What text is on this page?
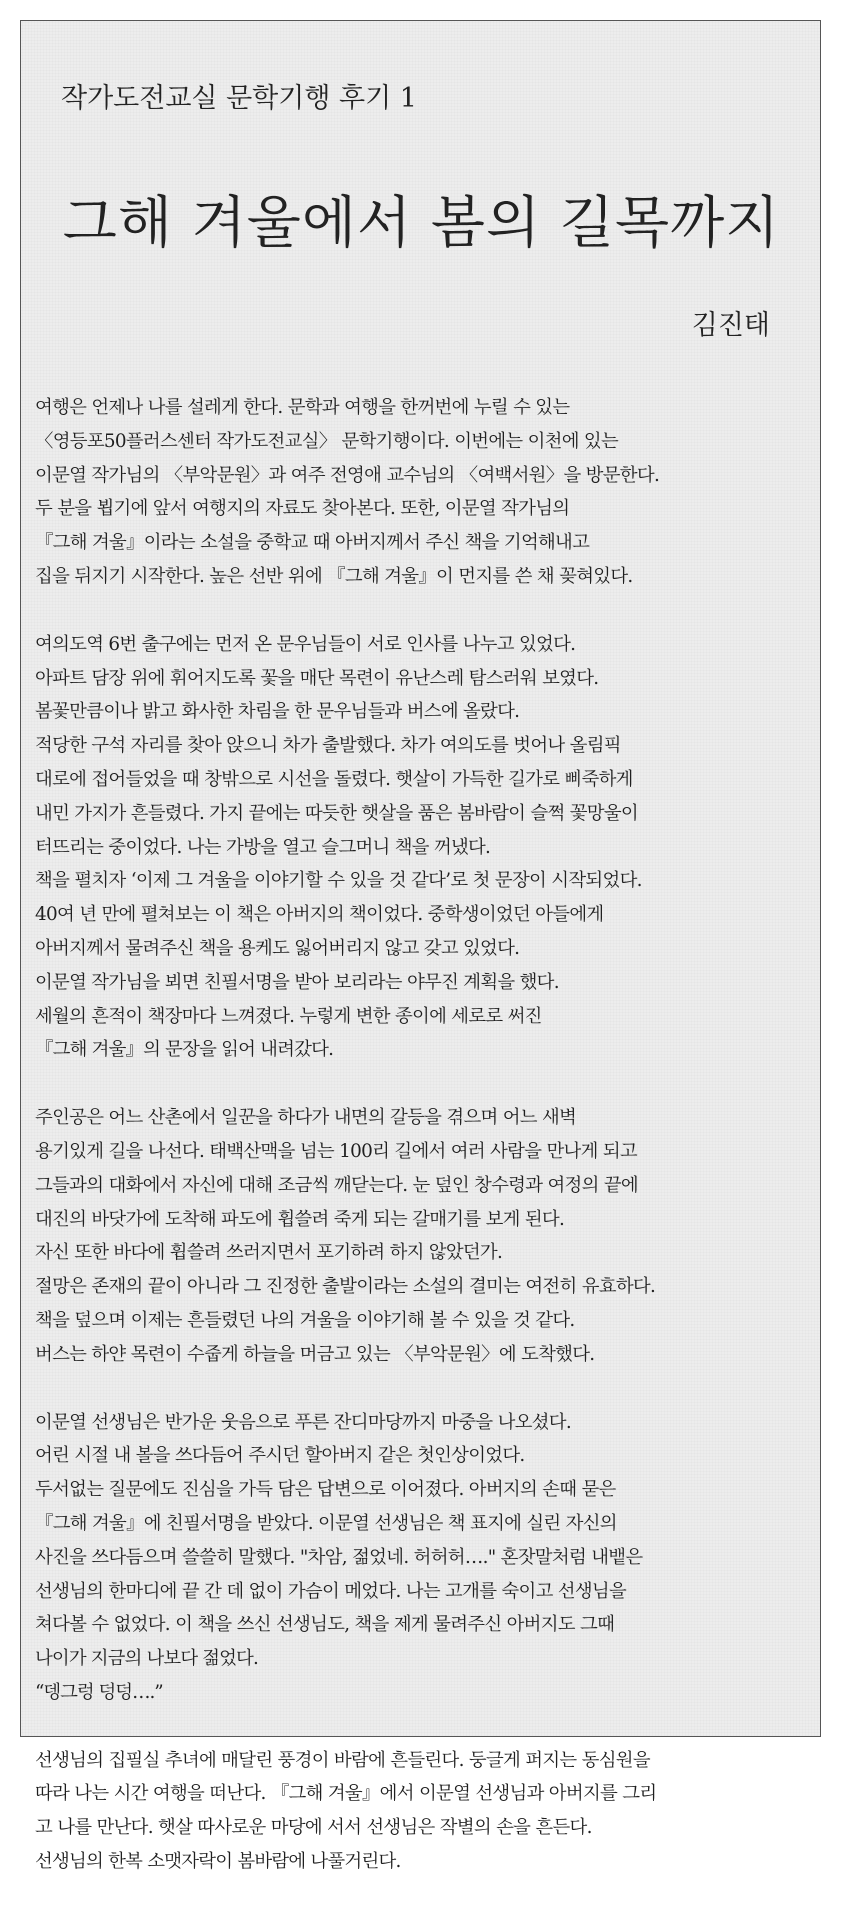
작가도전교실 문학기행 후기 1
그해 겨울에서 봄의 길목까지
김진태
여행은 언제나 나를 설레게 한다. 문학과 여행을 한꺼번에 누릴 수 있는
〈영등포50플러스센터 작가도전교실〉 문학기행이다. 이번에는 이천에 있는
이문열 작가님의 〈부악문원〉과 여주 전영애 교수님의 〈여백서원〉을 방문한다.
두 분을 뵙기에 앞서 여행지의 자료도 찾아본다. 또한, 이문열 작가님의
『그해 겨울』이라는 소설을 중학교 때 아버지께서 주신 책을 기억해내고
집을 뒤지기 시작한다. 높은 선반 위에 『그해 겨울』이 먼지를 쓴 채 꽂혀있다.
여의도역 6번 출구에는 먼저 온 문우님들이 서로 인사를 나누고 있었다.
아파트 담장 위에 휘어지도록 꽃을 매단 목련이 유난스레 탐스러워 보였다.
봄꽃만큼이나 밝고 화사한 차림을 한 문우님들과 버스에 올랐다.
적당한 구석 자리를 찾아 앉으니 차가 출발했다. 차가 여의도를 벗어나 올림픽
대로에 접어들었을 때 창밖으로 시선을 돌렸다. 햇살이 가득한 길가로 삐죽하게
내민 가지가 흔들렸다. 가지 끝에는 따듯한 햇살을 품은 봄바람이 슬쩍 꽃망울이
터뜨리는 중이었다. 나는 가방을 열고 슬그머니 책을 꺼냈다.
책을 펼치자 ‘이제 그 겨울을 이야기할 수 있을 것 같다’로 첫 문장이 시작되었다.
40여 년 만에 펼쳐보는 이 책은 아버지의 책이었다. 중학생이었던 아들에게
아버지께서 물려주신 책을 용케도 잃어버리지 않고 갖고 있었다.
이문열 작가님을 뵈면 친필서명을 받아 보리라는 야무진 계획을 했다.
세월의 흔적이 책장마다 느껴졌다. 누렇게 변한 종이에 세로로 써진
『그해 겨울』의 문장을 읽어 내려갔다.
주인공은 어느 산촌에서 일꾼을 하다가 내면의 갈등을 겪으며 어느 새벽
용기있게 길을 나선다. 태백산맥을 넘는 100리 길에서 여러 사람을 만나게 되고
그들과의 대화에서 자신에 대해 조금씩 깨닫는다. 눈 덮인 창수령과 여정의 끝에
대진의 바닷가에 도착해 파도에 휩쓸려 죽게 되는 갈매기를 보게 된다.
자신 또한 바다에 휩쓸려 쓰러지면서 포기하려 하지 않았던가.
절망은 존재의 끝이 아니라 그 진정한 출발이라는 소설의 결미는 여전히 유효하다.
책을 덮으며 이제는 흔들렸던 나의 겨울을 이야기해 볼 수 있을 것 같다.
버스는 하얀 목련이 수줍게 하늘을 머금고 있는 〈부악문원〉에 도착했다.
이문열 선생님은 반가운 웃음으로 푸른 잔디마당까지 마중을 나오셨다.
어린 시절 내 볼을 쓰다듬어 주시던 할아버지 같은 첫인상이었다.
두서없는 질문에도 진심을 가득 담은 답변으로 이어졌다. 아버지의 손때 묻은
『그해 겨울』에 친필서명을 받았다. 이문열 선생님은 책 표지에 실린 자신의
사진을 쓰다듬으며 쓸쓸히 말했다. "차암, 젊었네. 허허허…." 혼잣말처럼 내뱉은
선생님의 한마디에 끝 간 데 없이 가슴이 메었다. 나는 고개를 숙이고 선생님을
쳐다볼 수 없었다. 이 책을 쓰신 선생님도, 책을 제게 물려주신 아버지도 그때
나이가 지금의 나보다 젊었다.
“뎅그렁 덩덩….”
선생님의 집필실 추녀에 매달린 풍경이 바람에 흔들린다. 둥글게 퍼지는 동심원을
따라 나는 시간 여행을 떠난다. 『그해 겨울』에서 이문열 선생님과 아버지를 그리
고 나를 만난다. 햇살 따사로운 마당에 서서 선생님은 작별의 손을 흔든다.
선생님의 한복 소맷자락이 봄바람에 나풀거린다.
